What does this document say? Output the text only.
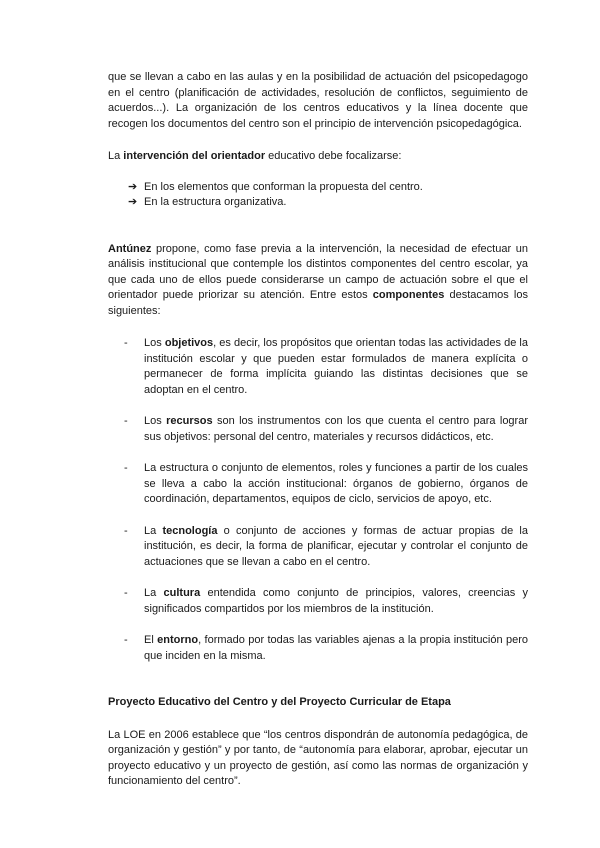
que se llevan a cabo en las aulas y en la posibilidad de actuación del psicopedagogo en el centro (planificación de actividades, resolución de conflictos, seguimiento de acuerdos...). La organización de los centros educativos y la línea docente que recogen los documentos del centro son el principio de intervención psicopedagógica.

La intervención del orientador educativo debe focalizarse:

➔ En los elementos que conforman la propuesta del centro.
➔ En la estructura organizativa.

Antúnez propone, como fase previa a la intervención, la necesidad de efectuar un análisis institucional que contemple los distintos componentes del centro escolar, ya que cada uno de ellos puede considerarse un campo de actuación sobre el que el orientador puede priorizar su atención. Entre estos componentes destacamos los siguientes:

- Los objetivos, es decir, los propósitos que orientan todas las actividades de la institución escolar y que pueden estar formulados de manera explícita o permanecer de forma implícita guiando las distintas decisiones que se adoptan en el centro.
- Los recursos son los instrumentos con los que cuenta el centro para lograr sus objetivos: personal del centro, materiales y recursos didácticos, etc.
- La estructura o conjunto de elementos, roles y funciones a partir de los cuales se lleva a cabo la acción institucional: órganos de gobierno, órganos de coordinación, departamentos, equipos de ciclo, servicios de apoyo, etc.
- La tecnología o conjunto de acciones y formas de actuar propias de la institución, es decir, la forma de planificar, ejecutar y controlar el conjunto de actuaciones que se llevan a cabo en el centro.
- La cultura entendida como conjunto de principios, valores, creencias y significados compartidos por los miembros de la institución.
- El entorno, formado por todas las variables ajenas a la propia institución pero que inciden en la misma.

Proyecto Educativo del Centro y del Proyecto Curricular de Etapa

La LOE en 2006 establece que “los centros dispondrán de autonomía pedagógica, de organización y gestión” y por tanto, de “autonomía para elaborar, aprobar, ejecutar un proyecto educativo y un proyecto de gestión, así como las normas de organización y funcionamiento del centro”.
